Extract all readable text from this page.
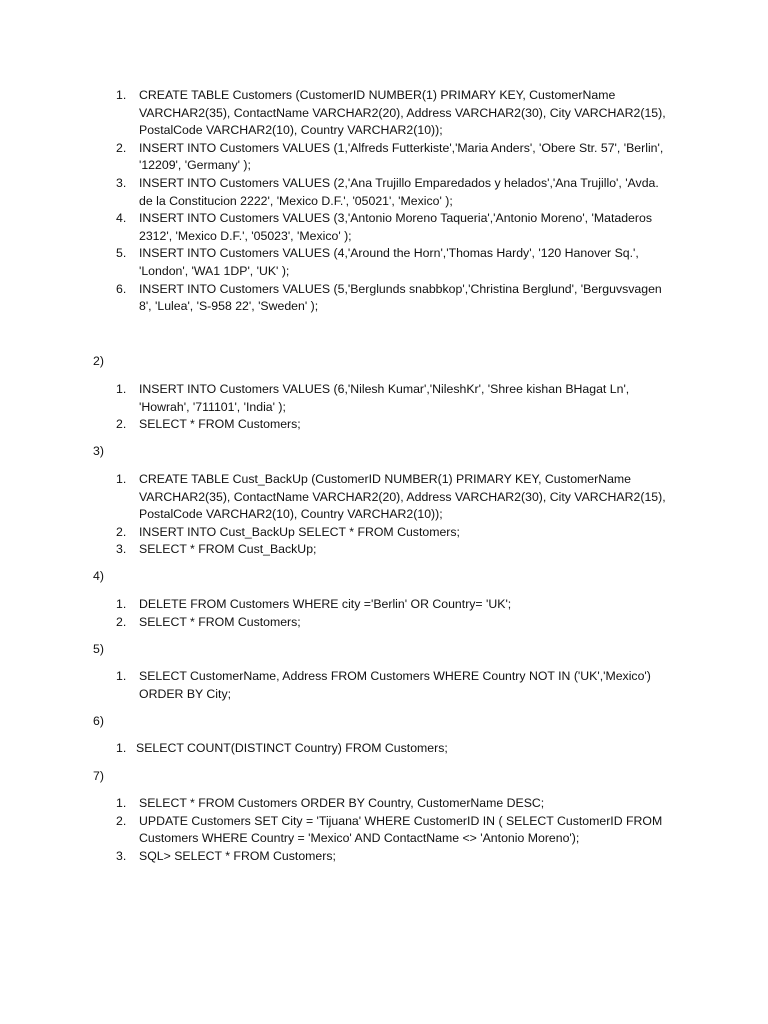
1. CREATE TABLE Customers (CustomerID NUMBER(1) PRIMARY KEY, CustomerName VARCHAR2(35), ContactName VARCHAR2(20), Address VARCHAR2(30), City VARCHAR2(15), PostalCode VARCHAR2(10), Country VARCHAR2(10));
2. INSERT INTO Customers VALUES (1,'Alfreds Futterkiste','Maria Anders', 'Obere Str. 57', 'Berlin', '12209', 'Germany' );
3. INSERT INTO Customers VALUES (2,'Ana Trujillo Emparedados y helados','Ana Trujillo', 'Avda. de la Constitucion 2222', 'Mexico D.F.', '05021', 'Mexico' );
4. INSERT INTO Customers VALUES (3,'Antonio Moreno Taqueria','Antonio Moreno', 'Mataderos 2312', 'Mexico D.F.', '05023', 'Mexico' );
5. INSERT INTO Customers VALUES (4,'Around the Horn','Thomas Hardy', '120 Hanover Sq.', 'London', 'WA1 1DP', 'UK' );
6. INSERT INTO Customers VALUES (5,'Berglunds snabbkop','Christina Berglund', 'Berguvsvagen 8', 'Lulea', 'S-958 22', 'Sweden' );
2)
1. INSERT INTO Customers VALUES (6,'Nilesh Kumar','NileshKr', 'Shree kishan BHagat Ln', 'Howrah', '711101', 'India' );
2. SELECT * FROM Customers;
3)
1. CREATE TABLE Cust_BackUp (CustomerID NUMBER(1) PRIMARY KEY, CustomerName VARCHAR2(35), ContactName VARCHAR2(20), Address VARCHAR2(30), City VARCHAR2(15), PostalCode VARCHAR2(10), Country VARCHAR2(10));
2. INSERT INTO Cust_BackUp SELECT * FROM Customers;
3. SELECT * FROM Cust_BackUp;
4)
1. DELETE FROM Customers WHERE city ='Berlin' OR Country= 'UK';
2. SELECT * FROM Customers;
5)
1. SELECT CustomerName, Address FROM Customers WHERE Country NOT IN ('UK','Mexico') ORDER BY City;
6)
1. SELECT COUNT(DISTINCT Country) FROM Customers;
7)
1. SELECT * FROM Customers ORDER BY Country, CustomerName DESC;
2. UPDATE Customers SET City = 'Tijuana' WHERE CustomerID IN ( SELECT CustomerID FROM Customers WHERE Country = 'Mexico' AND ContactName <> 'Antonio Moreno');
3. SQL> SELECT * FROM Customers;
